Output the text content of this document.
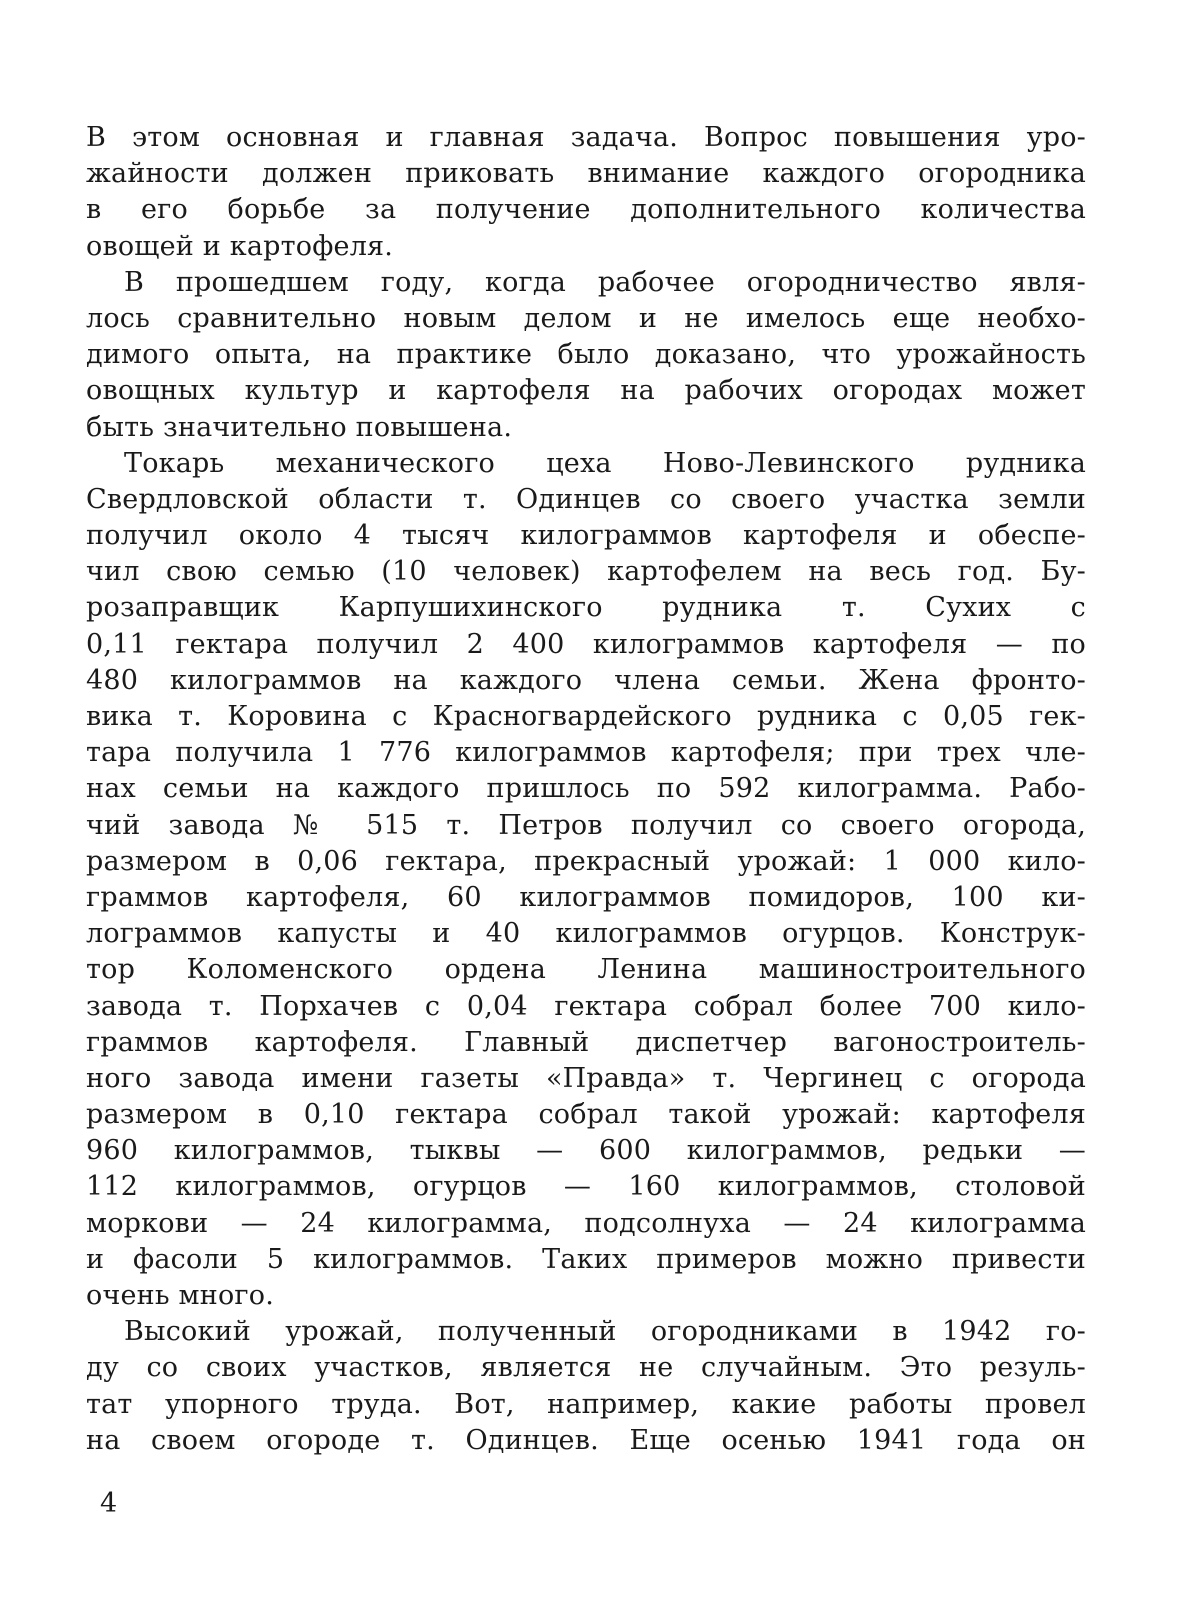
В этом основная и главная задача. Вопрос повышения уро-
жайности должен приковать внимание каждого огородника
в его борьбе за получение дополнительного количества
овощей и картофеля.
В прошедшем году, когда рабочее огородничество явля-
лось сравнительно новым делом и не имелось еще необхо-
димого опыта, на практике было доказано, что урожайность
овощных культур и картофеля на рабочих огородах может
быть значительно повышена.
Токарь механического цеха Ново-Левинского рудника
Свердловской области т. Одинцев со своего участка земли
получил около 4 тысяч килограммов картофеля и обеспе-
чил свою семью (10 человек) картофелем на весь год. Бу-
розаправщик Карпушихинского рудника т. Сухих с
0,11 гектара получил 2 400 килограммов картофеля — по
480 килограммов на каждого члена семьи. Жена фронто-
вика т. Коровина с Красногвардейского рудника с 0,05 гек-
тара получила 1 776 килограммов картофеля; при трех чле-
нах семьи на каждого пришлось по 592 килограмма. Рабо-
чий завода № 515 т. Петров получил со своего огорода,
размером в 0,06 гектара, прекрасный урожай: 1 000 кило-
граммов картофеля, 60 килограммов помидоров, 100 ки-
лограммов капусты и 40 килограммов огурцов. Конструк-
тор Коломенского ордена Ленина машиностроительного
завода т. Порхачев с 0,04 гектара собрал более 700 кило-
граммов картофеля. Главный диспетчер вагоностроитель-
ного завода имени газеты «Правда» т. Чергинец с огорода
размером в 0,10 гектара собрал такой урожай: картофеля
960 килограммов, тыквы — 600 килограммов, редьки —
112 килограммов, огурцов — 160 килограммов, столовой
моркови — 24 килограмма, подсолнуха — 24 килограмма
и фасоли 5 килограммов. Таких примеров можно привести
очень много.
Высокий урожай, полученный огородниками в 1942 го-
ду со своих участков, является не случайным. Это резуль-
тат упорного труда. Вот, например, какие работы провел
на своем огороде т. Одинцев. Еще осенью 1941 года он
4
